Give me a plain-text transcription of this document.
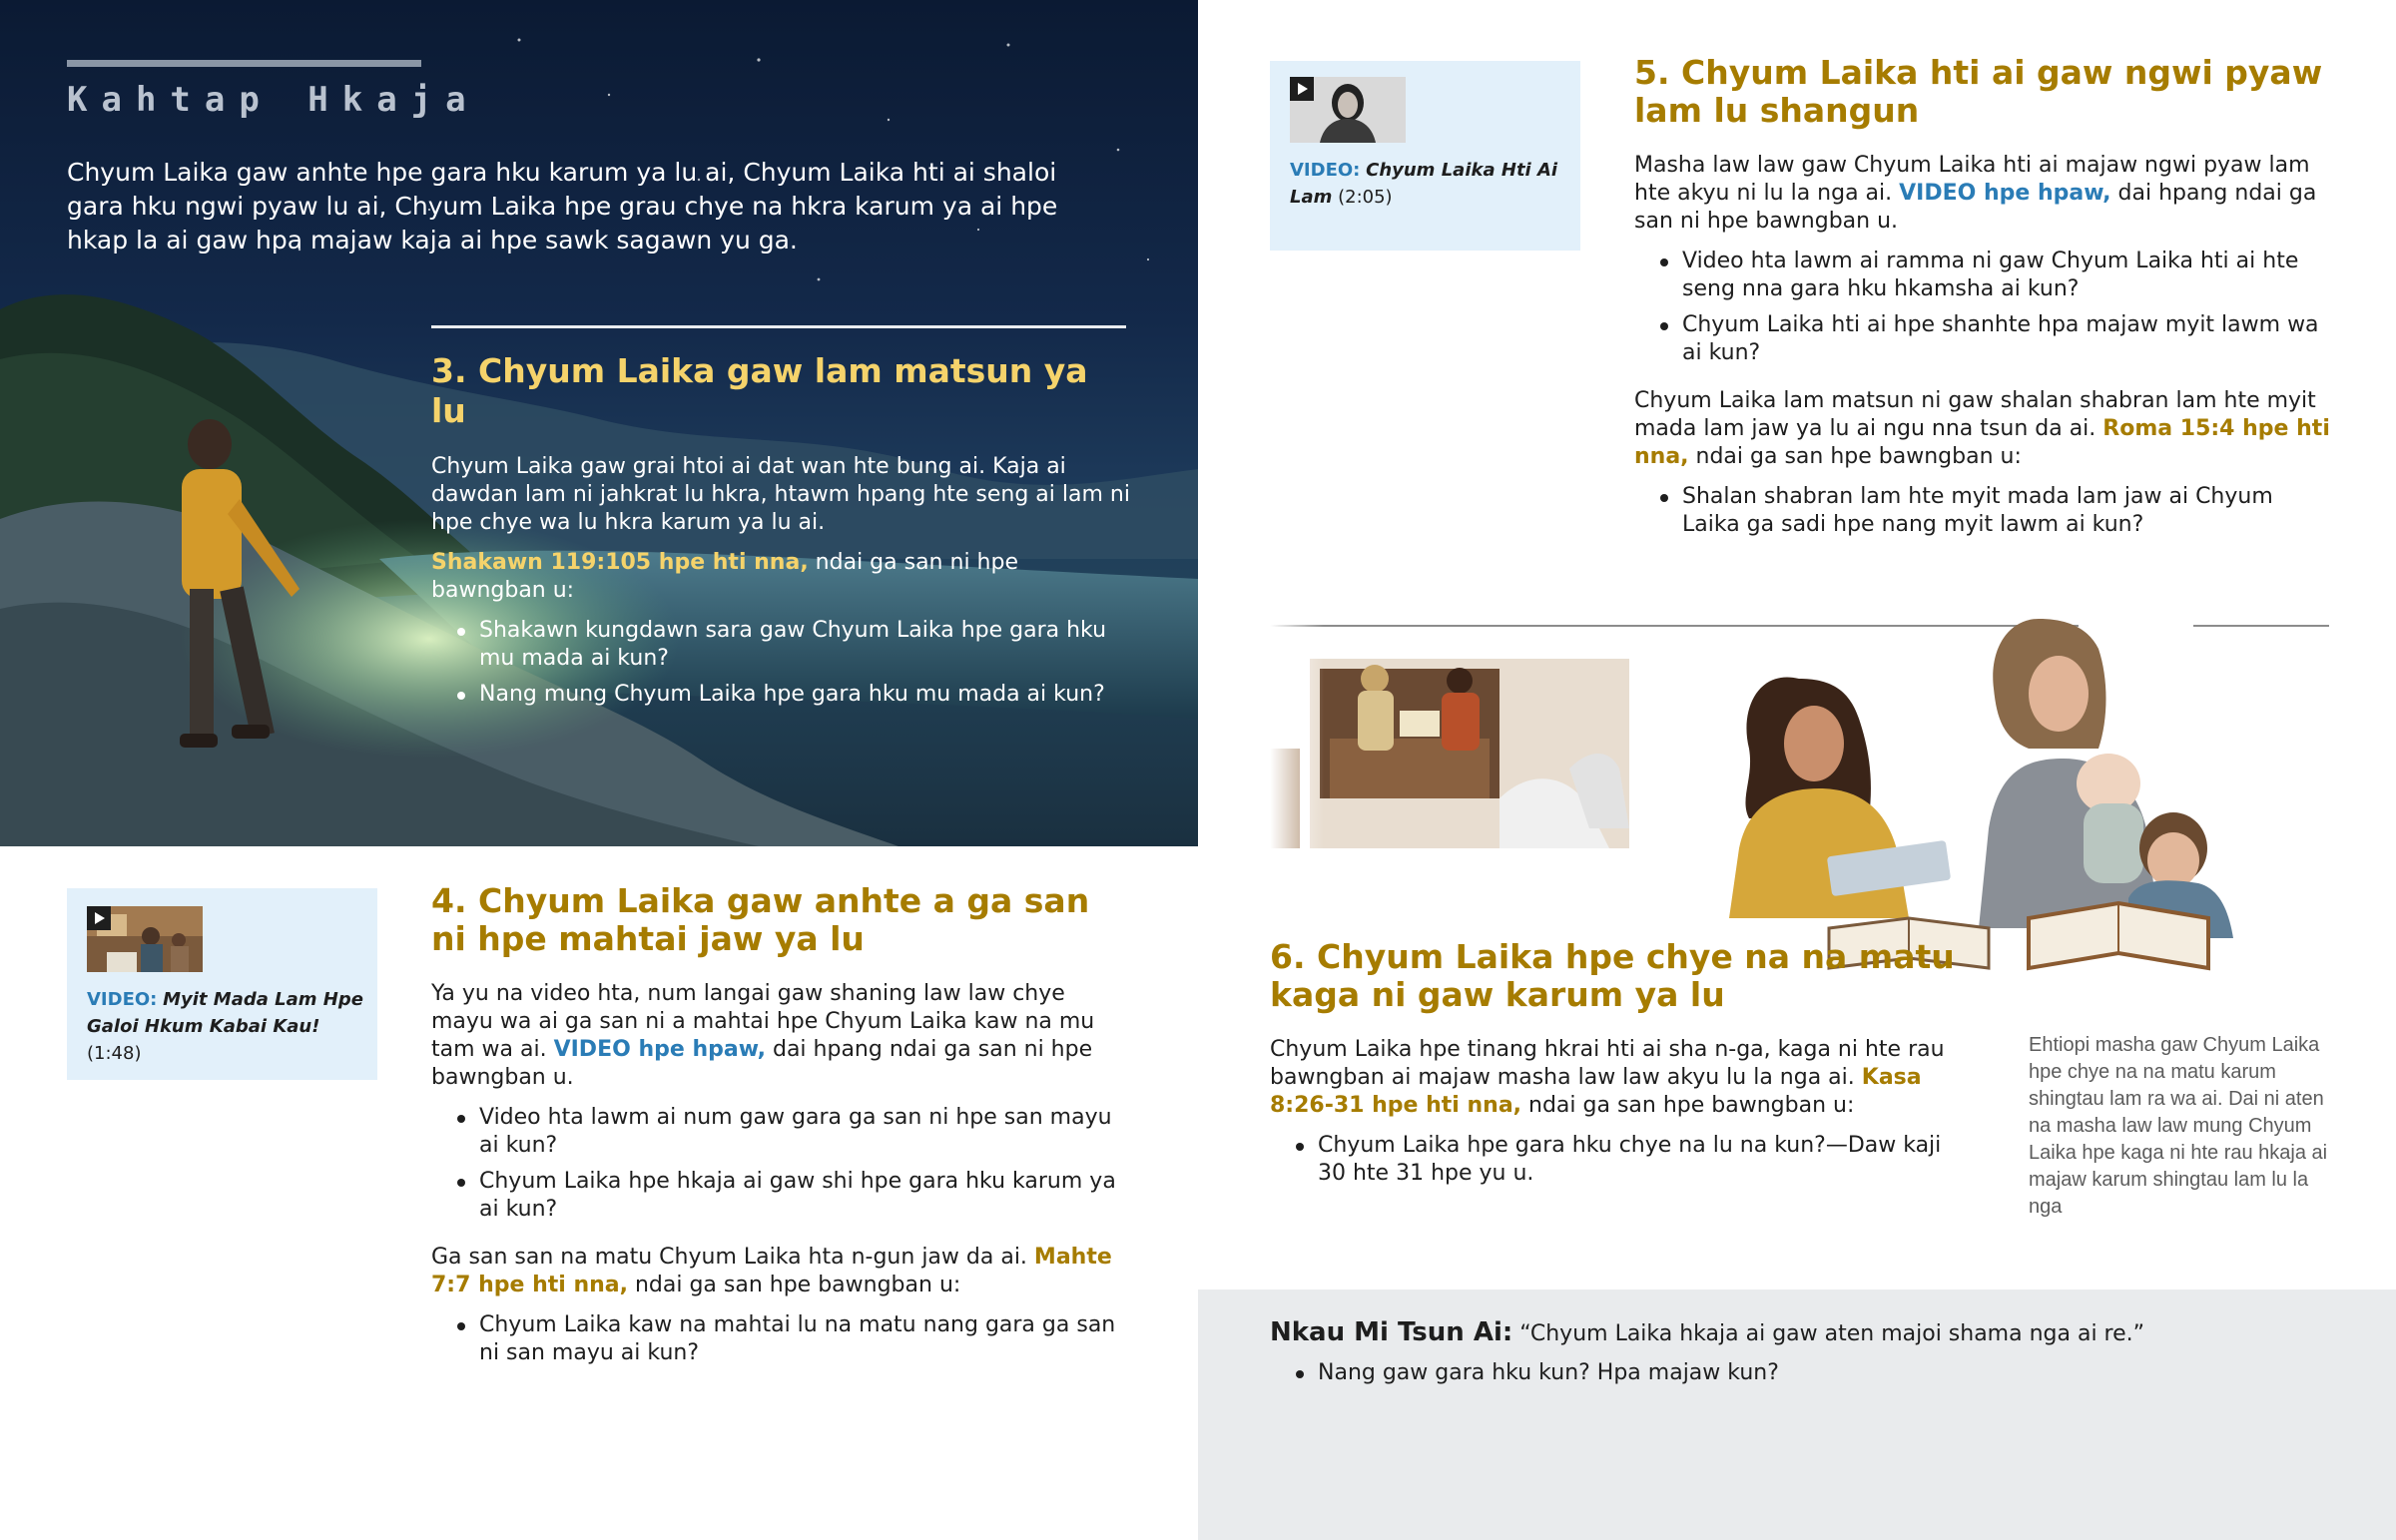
Kahtap Hkaja
Chyum Laika gaw anhte hpe gara hku karum ya lu ai, Chyum Laika hti ai shaloi gara hku ngwi pyaw lu ai, Chyum Laika hpe grau chye na hkra karum ya ai hpe hkap la ai gaw hpa majaw kaja ai hpe sawk sagawn yu ga.
3. Chyum Laika gaw lam matsun ya lu

Chyum Laika gaw grai htoi ai dat wan hte bung ai. Kaja ai dawdan lam ni jahkrat lu hkra, htawm hpang hte seng ai lam ni hpe chye wa lu hkra karum ya lu ai.

Shakawn 119:105 hpe hti nna, ndai ga san ni hpe bawngban u:

Shakawn kungdawn sara gaw Chyum Laika hpe gara hku mu mada ai kun?
Nang mung Chyum Laika hpe gara hku mu mada ai kun?
VIDEO: Myit Mada Lam Hpe Galoi Hkum Kabai Kau! (1:48)
4. Chyum Laika gaw anhte a ga san ni hpe mahtai jaw ya lu

Ya yu na video hta, num langai gaw shaning law law chye mayu wa ai ga san ni a mahtai hpe Chyum Laika kaw na mu tam wa ai. VIDEO hpe hpaw, dai hpang ndai ga san ni hpe bawngban u.

Video hta lawm ai num gaw gara ga san ni hpe san mayu ai kun?
Chyum Laika hpe hkaja ai gaw shi hpe gara hku karum ya ai kun?

Ga san san na matu Chyum Laika hta n-gun jaw da ai. Mahte 7:7 hpe hti nna, ndai ga san hpe bawngban u:

Chyum Laika kaw na mahtai lu na matu nang gara ga san ni san mayu ai kun?
VIDEO: Chyum Laika Hti Ai Lam (2:05)
5. Chyum Laika hti ai gaw ngwi pyaw lam lu shangun

Masha law law gaw Chyum Laika hti ai majaw ngwi pyaw lam hte akyu ni lu la nga ai. VIDEO hpe hpaw, dai hpang ndai ga san ni hpe bawngban u.

Video hta lawm ai ramma ni gaw Chyum Laika hti ai hte seng nna gara hku hkamsha ai kun?
Chyum Laika hti ai hpe shanhte hpa majaw myit lawm wa ai kun?

Chyum Laika lam matsun ni gaw shalan shabran lam hte myit mada lam jaw ya lu ai ngu nna tsun da ai. Roma 15:4 hpe hti nna, ndai ga san hpe bawngban u:

Shalan shabran lam hte myit mada lam jaw ai Chyum Laika ga sadi hpe nang myit lawm ai kun?
6. Chyum Laika hpe chye na na matu kaga ni gaw karum ya lu

Chyum Laika hpe tinang hkrai hti ai sha n-ga, kaga ni hte rau bawngban ai majaw masha law law akyu lu la nga ai. Kasa 8:26-31 hpe hti nna, ndai ga san hpe bawngban u:

Chyum Laika hpe gara hku chye na lu na kun?—Daw kaji 30 hte 31 hpe yu u.
Ehtiopi masha gaw Chyum Laika hpe chye na na matu karum shingtau lam ra wa ai. Dai ni aten na masha law law mung Chyum Laika hpe kaga ni hte rau hkaja ai majaw karum shingtau lam lu la nga
Nkau Mi Tsun Ai: “Chyum Laika hkaja ai gaw aten majoi shama nga ai re.”
Nang gaw gara hku kun? Hpa majaw kun?
